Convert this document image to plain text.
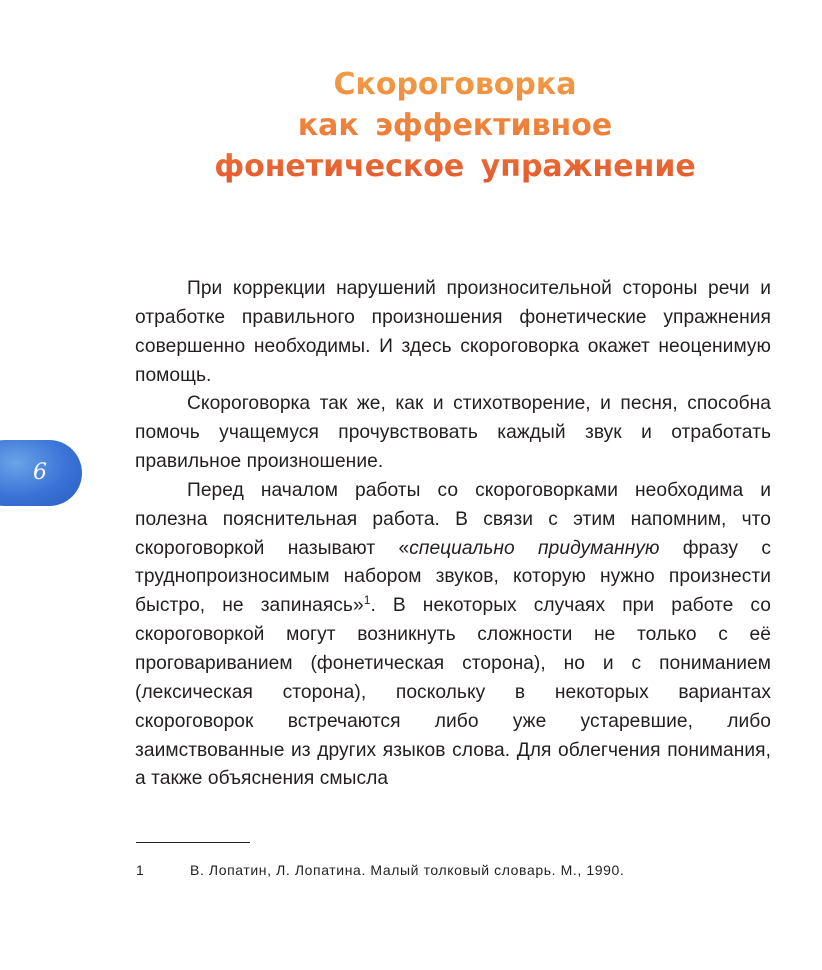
Скороговорка
как эффективное
фонетическое упражнение
6

При коррекции нарушений произносительной стороны речи и отработке правильного произношения фонетические упражнения совершенно необходимы. И здесь скороговорка окажет неоценимую помощь.

Скороговорка так же, как и стихотворение, и песня, способна помочь учащемуся прочувствовать каждый звук и отработать правильное произношение.

Перед началом работы со скороговорками необходима и полезна пояснительная работа. В связи с этим напомним, что скороговоркой называют «специально придуманную фразу с труднопроизносимым набором звуков, которую нужно произнести быстро, не запинаясь»$^1$. В некоторых случаях при работе со скороговоркой могут возникнуть сложности не только с её проговариванием (фонетическая сторона), но и с пониманием (лексическая сторона), поскольку в некоторых вариантах скороговорок встречаются либо уже устаревшие, либо заимствованные из других языков слова. Для облегчения понимания, а также объяснения смысла

1	В. Лопатин, Л. Лопатина. Малый толковый словарь. М., 1990.
